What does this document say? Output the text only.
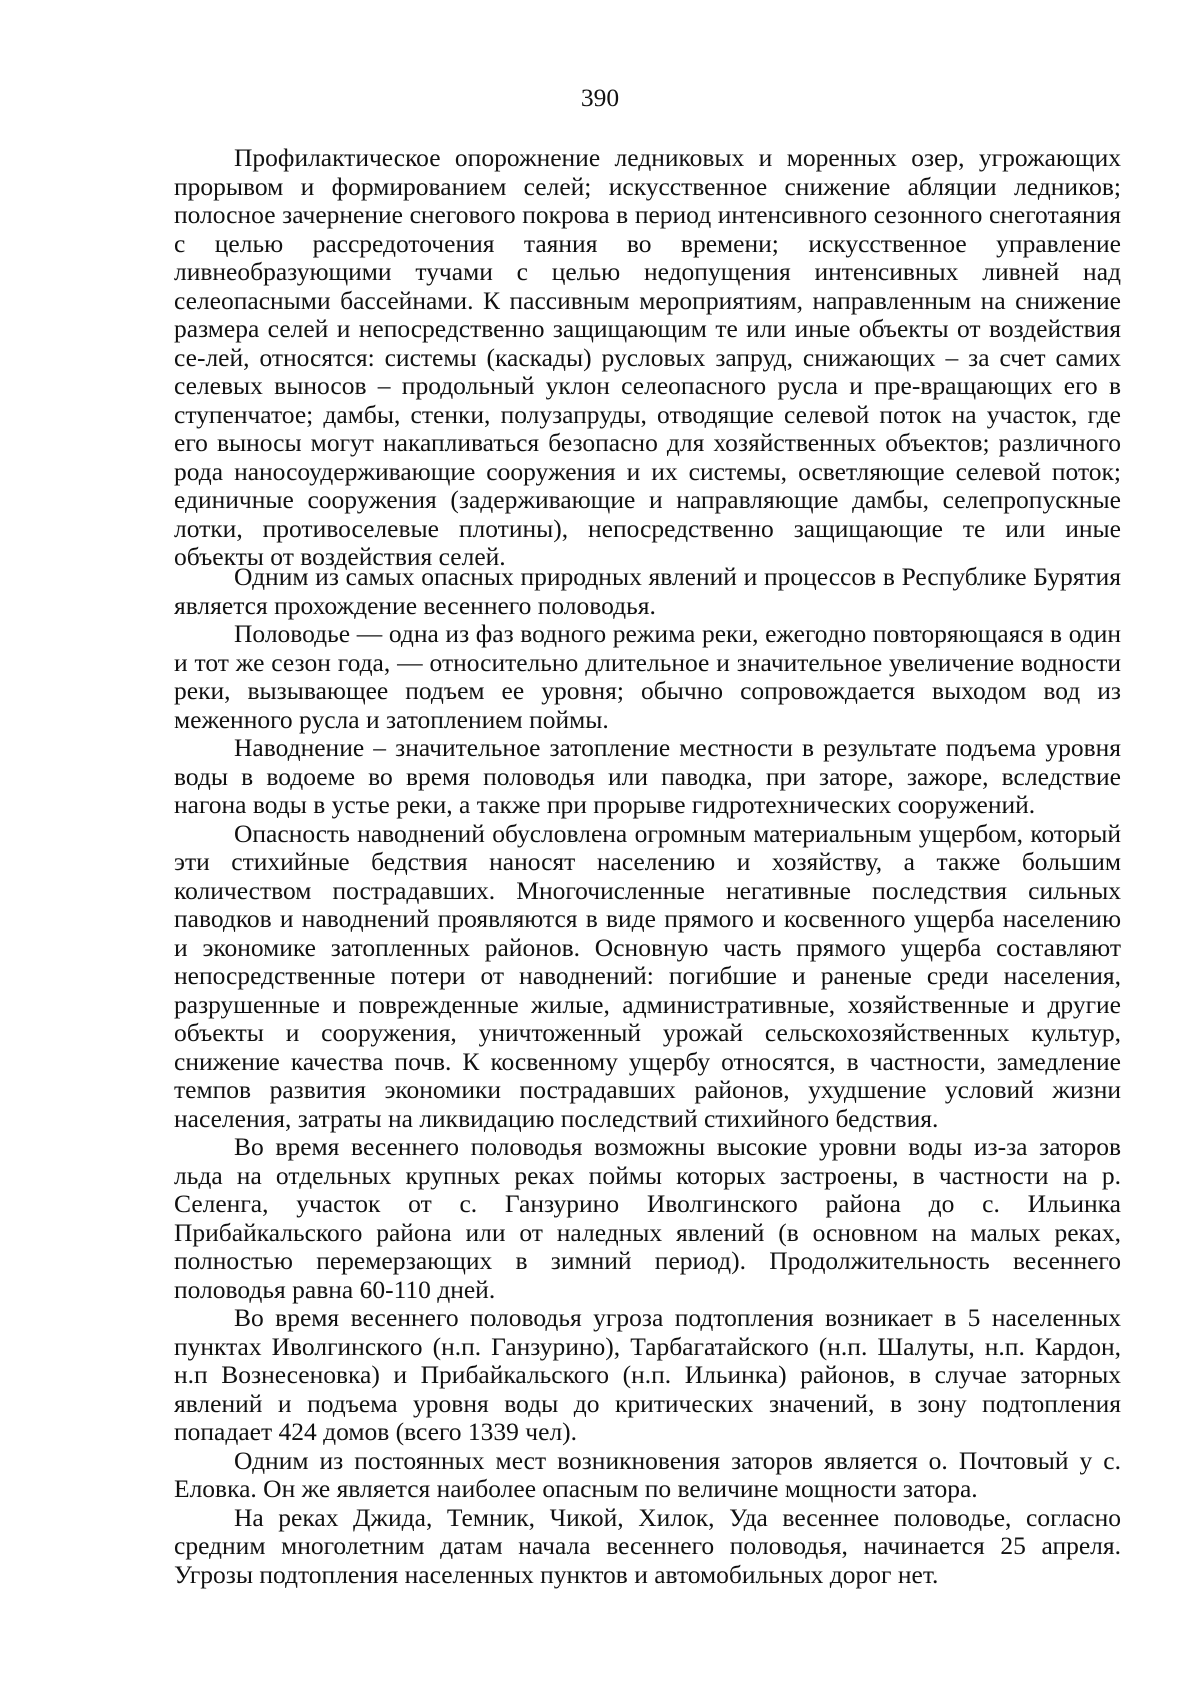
390

Профилактическое опорожнение ледниковых и моренных озер, угрожающих прорывом и формированием селей; искусственное снижение абляции ледников; полосное зачернение снегового покрова в период интенсивного сезонного снеготаяния с целью рассредоточения таяния во времени; искусственное управление ливнеобразующими тучами с целью недопущения интенсивных ливней над селеопасными бассейнами. К пассивным мероприятиям, направленным на снижение размера селей и непосредственно защищающим те или иные объекты от воздействия се-лей, относятся: системы (каскады) русловых запруд, снижающих – за счет самих селевых выносов – продольный уклон селеопасного русла и пре-вращающих его в ступенчатое; дамбы, стенки, полузапруды, отводящие селевой поток на участок, где его выносы могут накапливаться безопасно для хозяйственных объектов; различного рода наносоудерживающие сооружения и их системы, осветляющие селевой поток; единичные сооружения (задерживающие и направляющие дамбы, селепропускные лотки, противоселевые плотины), непосредственно защищающие те или иные объекты от воздействия селей.

Одним из самых опасных природных явлений и процессов в Республике Бурятия является прохождение весеннего половодья.

Половодье — одна из фаз водного режима реки, ежегодно повторяющаяся в один и тот же сезон года, — относительно длительное и значительное увеличение водности реки, вызывающее подъем ее уровня; обычно сопровождается выходом вод из меженного русла и затоплением поймы.

Наводнение – значительное затопление местности в результате подъема уровня воды в водоеме во время половодья или паводка, при заторе, зажоре, вследствие нагона воды в устье реки, а также при прорыве гидротехнических сооружений.

Опасность наводнений обусловлена огромным материальным ущербом, который эти стихийные бедствия наносят населению и хозяйству, а также большим количеством пострадавших. Многочисленные негативные последствия сильных паводков и наводнений проявляются в виде прямого и косвенного ущерба населению и экономике затопленных районов. Основную часть прямого ущерба составляют непосредственные потери от наводнений: погибшие и раненые среди населения, разрушенные и поврежденные жилые, административные, хозяйственные и другие объекты и сооружения, уничтоженный урожай сельскохозяйственных культур, снижение качества почв. К косвенному ущербу относятся, в частности, замедление темпов развития экономики пострадавших районов, ухудшение условий жизни населения, затраты на ликвидацию последствий стихийного бедствия.

Во время весеннего половодья возможны высокие уровни воды из-за заторов льда на отдельных крупных реках поймы которых застроены, в частности на р. Селенга, участок от с. Ганзурино Иволгинского района до с. Ильинка Прибайкальского района или от наледных явлений (в основном на малых реках, полностью перемерзающих в зимний период). Продолжительность весеннего половодья равна 60-110 дней.

Во время весеннего половодья угроза подтопления возникает в 5 населенных пунктах Иволгинского (н.п. Ганзурино), Тарбагатайского (н.п. Шалуты, н.п. Кардон, н.п Вознесеновка) и Прибайкальского (н.п. Ильинка) районов, в случае заторных явлений и подъема уровня воды до критических значений, в зону подтопления попадает 424 домов (всего 1339 чел).

Одним из постоянных мест возникновения заторов является о. Почтовый у с. Еловка. Он же является наиболее опасным по величине мощности затора.

На реках Джида, Темник, Чикой, Хилок, Уда весеннее половодье, согласно средним многолетним датам начала весеннего половодья, начинается 25 апреля. Угрозы подтопления населенных пунктов и автомобильных дорог нет.
